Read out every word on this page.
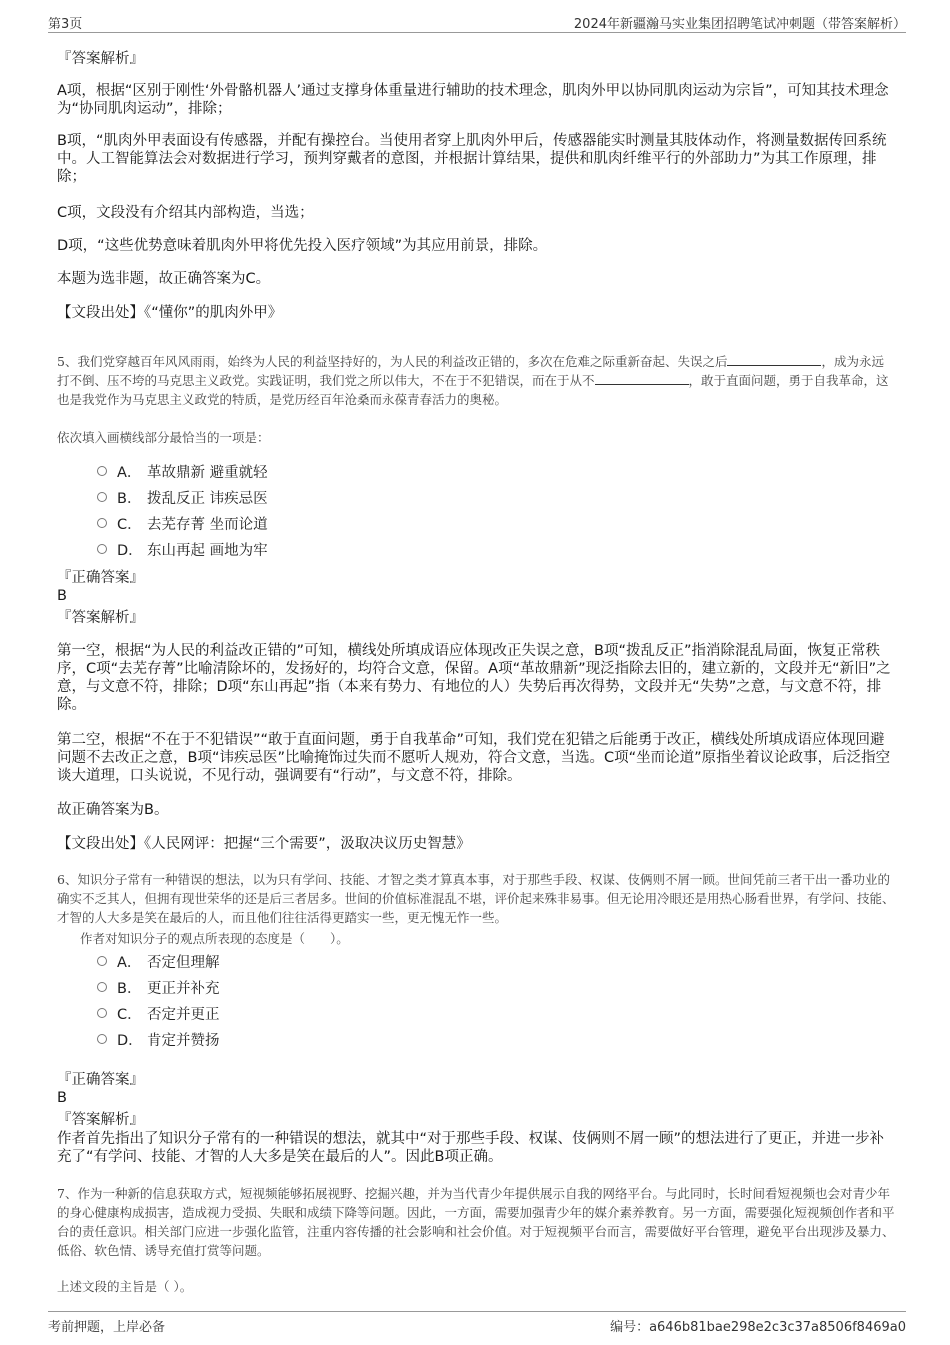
第3页	2024年新疆瀚马实业集团招聘笔试冲刺题（带答案解析）

『答案解析』

A项，根据“区别于刚性‘外骨骼机器人’通过支撑身体重量进行辅助的技术理念，肌肉外甲以协同肌肉运动为宗旨”，可知其技术理念为“协同肌肉运动”，排除；

B项，“肌肉外甲表面设有传感器，并配有操控台。当使用者穿上肌肉外甲后，传感器能实时测量其肢体动作，将测量数据传回系统中。人工智能算法会对数据进行学习，预判穿戴者的意图，并根据计算结果，提供和肌肉纤维平行的外部助力”为其工作原理，排除；

C项，文段没有介绍其内部构造，当选；

D项，“这些优势意味着肌肉外甲将优先投入医疗领域”为其应用前景，排除。

本题为选非题，故正确答案为C。

【文段出处】《“懂你”的肌肉外甲》

5、我们党穿越百年风风雨雨，始终为人民的利益坚持好的，为人民的利益改正错的，多次在危难之际重新奋起、失误之后	，成为永远打不倒、压不垮的马克思主义政党。实践证明，我们党之所以伟大，不在于不犯错误，而在于从不	，敢于直面问题，勇于自我革命，这也是我党作为马克思主义政党的特质，是党历经百年沧桑而永葆青春活力的奥秘。

依次填入画横线部分最恰当的一项是：

A． 革故鼎新 避重就轻
B． 拨乱反正 讳疾忌医
C． 去芜存菁 坐而论道
D． 东山再起 画地为牢

『正确答案』

B

『答案解析』

第一空，根据“为人民的利益改正错的”可知，横线处所填成语应体现改正失误之意，B项“拨乱反正”指消除混乱局面，恢复正常秩序，C项“去芜存菁”比喻清除坏的，发扬好的，均符合文意，保留。A项“革故鼎新”现泛指除去旧的，建立新的，文段并无“新旧”之意，与文意不符，排除；D项“东山再起”指（本来有势力、有地位的人）失势后再次得势，文段并无“失势”之意，与文意不符，排除。

第二空，根据“不在于不犯错误”“敢于直面问题，勇于自我革命”可知，我们党在犯错之后能勇于改正，横线处所填成语应体现回避问题不去改正之意，B项“讳疾忌医”比喻掩饰过失而不愿听人规劝，符合文意，当选。C项“坐而论道”原指坐着议论政事，后泛指空谈大道理，口头说说，不见行动，强调要有“行动”，与文意不符，排除。

故正确答案为B。

【文段出处】《人民网评：把握“三个需要”，汲取决议历史智慧》

6、知识分子常有一种错误的想法，以为只有学问、技能、才智之类才算真本事，对于那些手段、权谋、伎俩则不屑一顾。世间凭前三者干出一番功业的确实不乏其人，但拥有现世荣华的还是后三者居多。世间的价值标准混乱不堪，评价起来殊非易事。但无论用冷眼还是用热心肠看世界，有学问、技能、才智的人大多是笑在最后的人，而且他们往往活得更踏实一些，更无愧无怍一些。

作者对知识分子的观点所表现的态度是（　　）。

A． 否定但理解
B． 更正并补充
C． 否定并更正
D． 肯定并赞扬

『正确答案』

B

『答案解析』

作者首先指出了知识分子常有的一种错误的想法，就其中“对于那些手段、权谋、伎俩则不屑一顾”的想法进行了更正，并进一步补充了“有学问、技能、才智的人大多是笑在最后的人”。因此B项正确。

7、作为一种新的信息获取方式，短视频能够拓展视野、挖掘兴趣，并为当代青少年提供展示自我的网络平台。与此同时，长时间看短视频也会对青少年的身心健康构成损害，造成视力受损、失眠和成绩下降等问题。因此，一方面，需要加强青少年的媒介素养教育。另一方面，需要强化短视频创作者和平台的责任意识。相关部门应进一步强化监管，注重内容传播的社会影响和社会价值。对于短视频平台而言，需要做好平台管理，避免平台出现涉及暴力、低俗、软色情、诱导充值打赏等问题。

上述文段的主旨是（ ）。

考前押题，上岸必备	编号：a646b81bae298e2c3c37a8506f8469a0
